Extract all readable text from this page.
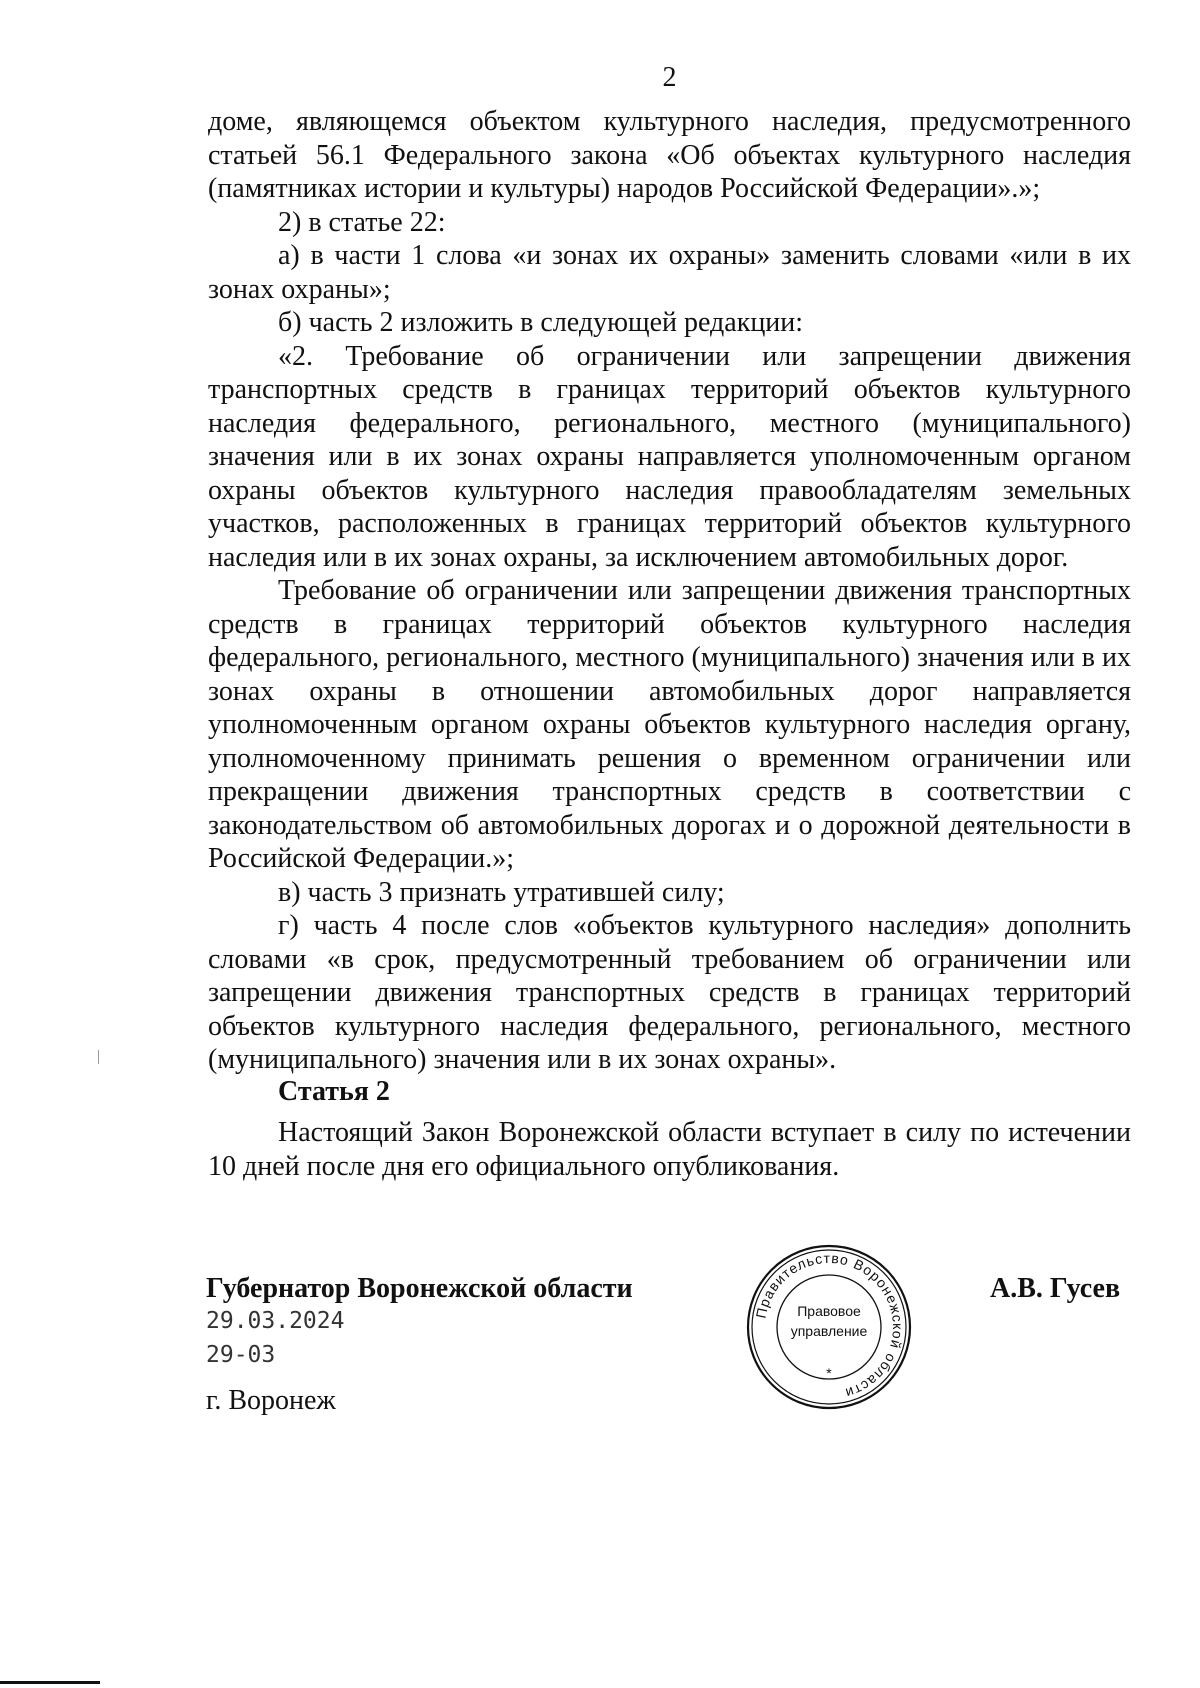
2

доме, являющемся объектом культурного наследия, предусмотренного статьей 56.1 Федерального закона «Об объектах культурного наследия (памятниках истории и культуры) народов Российской Федерации».»;

2) в статье 22:

а) в части 1 слова «и зонах их охраны» заменить словами «или в их зонах охраны»;

б) часть 2 изложить в следующей редакции:

«2. Требование об ограничении или запрещении движения транспортных средств в границах территорий объектов культурного наследия федерального, регионального, местного (муниципального) значения или в их зонах охраны направляется уполномоченным органом охраны объектов культурного наследия правообладателям земельных участков, расположенных в границах территорий объектов культурного наследия или в их зонах охраны, за исключением автомобильных дорог.

Требование об ограничении или запрещении движения транспортных средств в границах территорий объектов культурного наследия федерального, регионального, местного (муниципального) значения или в их зонах охраны в отношении автомобильных дорог направляется уполномоченным органом охраны объектов культурного наследия органу, уполномоченному принимать решения о временном ограничении или прекращении движения транспортных средств в соответствии с законодательством об автомобильных дорогах и о дорожной деятельности в Российской Федерации.»;

в) часть 3 признать утратившей силу;

г) часть 4 после слов «объектов культурного наследия» дополнить словами «в срок, предусмотренный требованием об ограничении или запрещении движения транспортных средств в границах территорий объектов культурного наследия федерального, регионального, местного (муниципального) значения или в их зонах охраны».

Статья 2

Настоящий Закон Воронежской области вступает в силу по истечении 10 дней после дня его официального опубликования.

Губернатор Воронежской области
29.03.2024
29-03
г. Воронеж
А.В. Гусев
Правительство Воронежской области
Правовое
управление
*
